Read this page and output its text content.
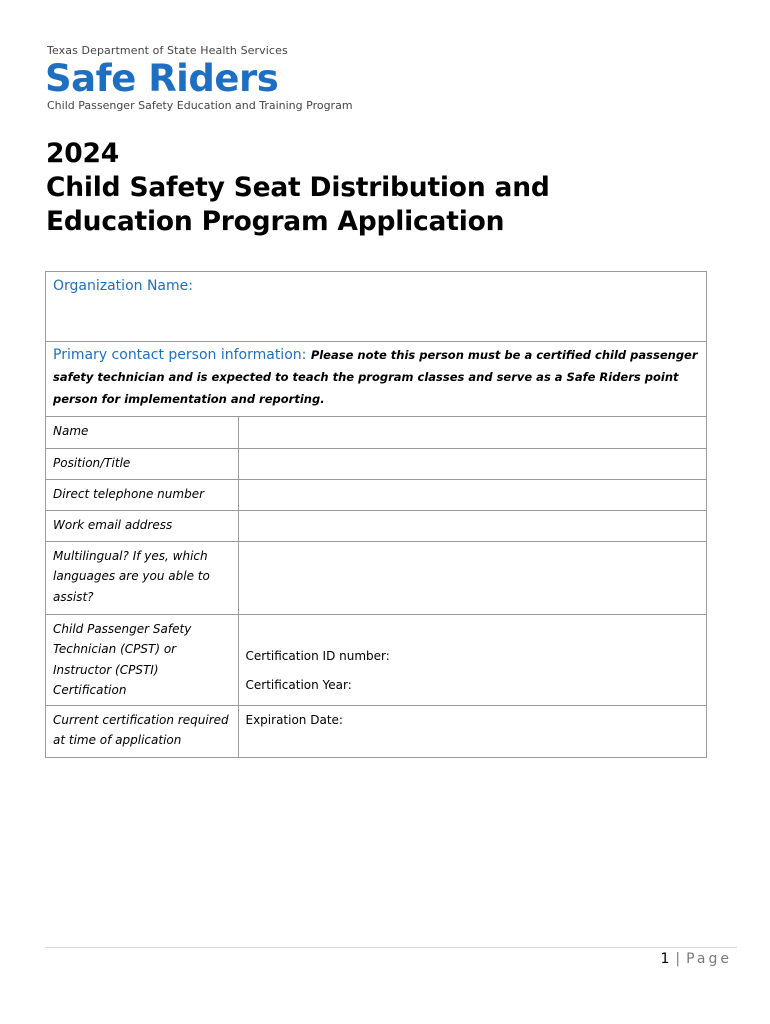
Texas Department of State Health Services
Safe Riders
Child Passenger Safety Education and Training Program
2024
Child Safety Seat Distribution and
Education Program Application
Organization Name:
Primary contact person information: Please note this person must be a certified child passenger safety technician and is expected to teach the program classes and serve as a Safe Riders point person for implementation and reporting.
Name	
Position/Title	
Direct telephone number	
Work email address	
Multilingual? If yes, which languages are you able to assist?	
Child Passenger Safety Technician (CPST) or Instructor (CPSTI) Certification	Certification ID number:
Certification Year:

Current certification required at time of application	Expiration Date:
1 | Page
